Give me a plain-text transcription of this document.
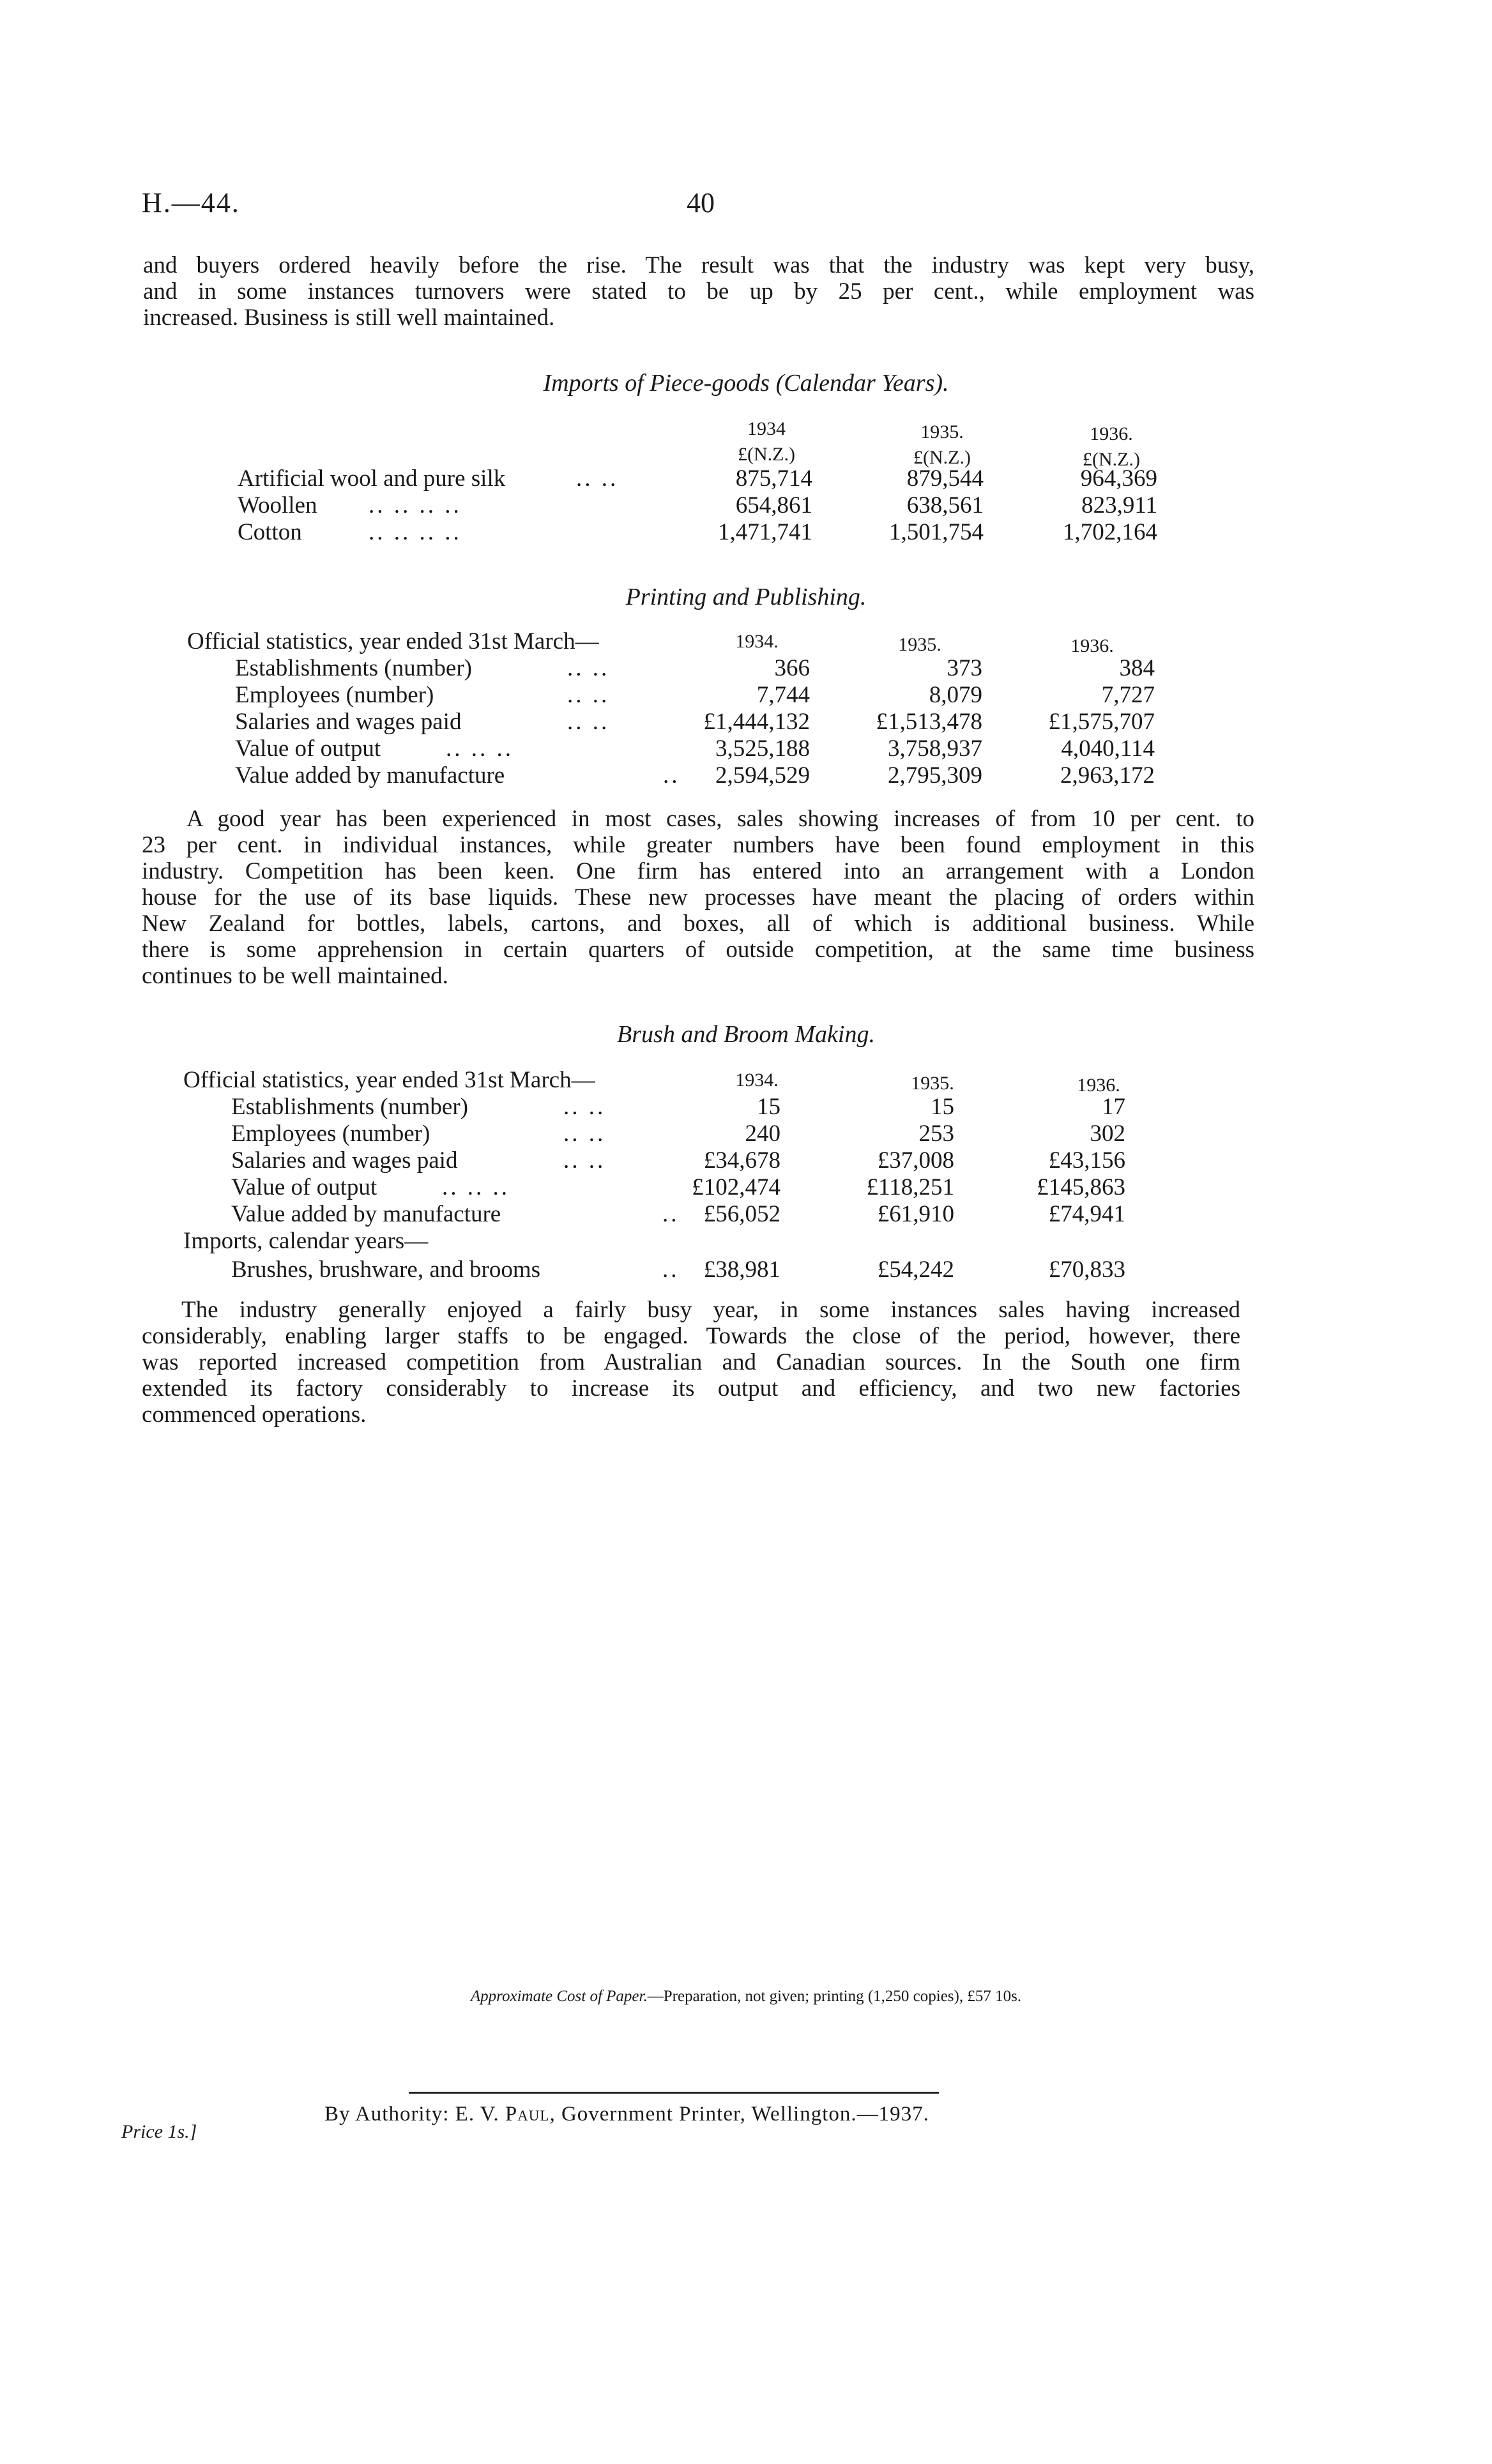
H.—44.	40
and buyers ordered heavily before the rise. The result was that the industry was kept very busy,
and in some instances turnovers were stated to be up by 25 per cent., while employment was
increased. Business is still well maintained.
Imports of Piece-goods (Calendar Years).
1934	1935.	1936.
£(N.Z.)	£(N.Z.)	£(N.Z.)
Artificial wool and pure silk	.. ..	875,714	879,544	964,369
Woollen .. .. .. ..	654,861	638,561	823,911
Cotton	.. .. .. ..	1,471,741	1,501,754	1,702,164
Printing and Publishing.
Official statistics, year ended 31st March—	1934.	1935.	1936.
Establishments (number)	.. ..	366	373	384
Employees (number)	.. ..	7,744	8,079	7,727
Salaries and wages paid	.. ..	£1,444,132	£1,513,478	£1,575,707
Value of output	.. .. ..	3,525,188	3,758,937	4,040,114
Value added by manufacture	..	2,594,529	2,795,309	2,963,172
A good year has been experienced in most cases, sales showing increases of from 10 per cent. to
23 per cent. in individual instances, while greater numbers have been found employment in this
industry. Competition has been keen. One firm has entered into an arrangement with a London
house for the use of its base liquids. These new processes have meant the placing of orders within
New Zealand for bottles, labels, cartons, and boxes, all of which is additional business. While
there is some apprehension in certain quarters of outside competition, at the same time business
continues to be well maintained.
Brush and Broom Making.
Official statistics, year ended 31st March—	1934.	1935.	1936.
Establishments (number)	.. ..	15	15	17
Employees (number)	.. ..	240	253	302
Salaries and wages paid	.. ..	£34,678	£37,008	£43,156
Value of output	.. .. ..	£102,474	£118,251	£145,863
Value added by manufacture	..	£56,052	£61,910	£74,941
Imports, calendar years—
Brushes, brushware, and brooms	..	£38,981	£54,242	£70,833
The industry generally enjoyed a fairly busy year, in some instances sales having increased
considerably, enabling larger staffs to be engaged. Towards the close of the period, however, there
was reported increased competition from Australian and Canadian sources. In the South one firm
extended its factory considerably to increase its output and efficiency, and two new factories
commenced operations.
Approximate Cost of Paper.—Preparation, not given; printing (1,250 copies), £57 10s.
By Authority: E. V. Paul, Government Printer, Wellington.—1937.
Price 1s.]
